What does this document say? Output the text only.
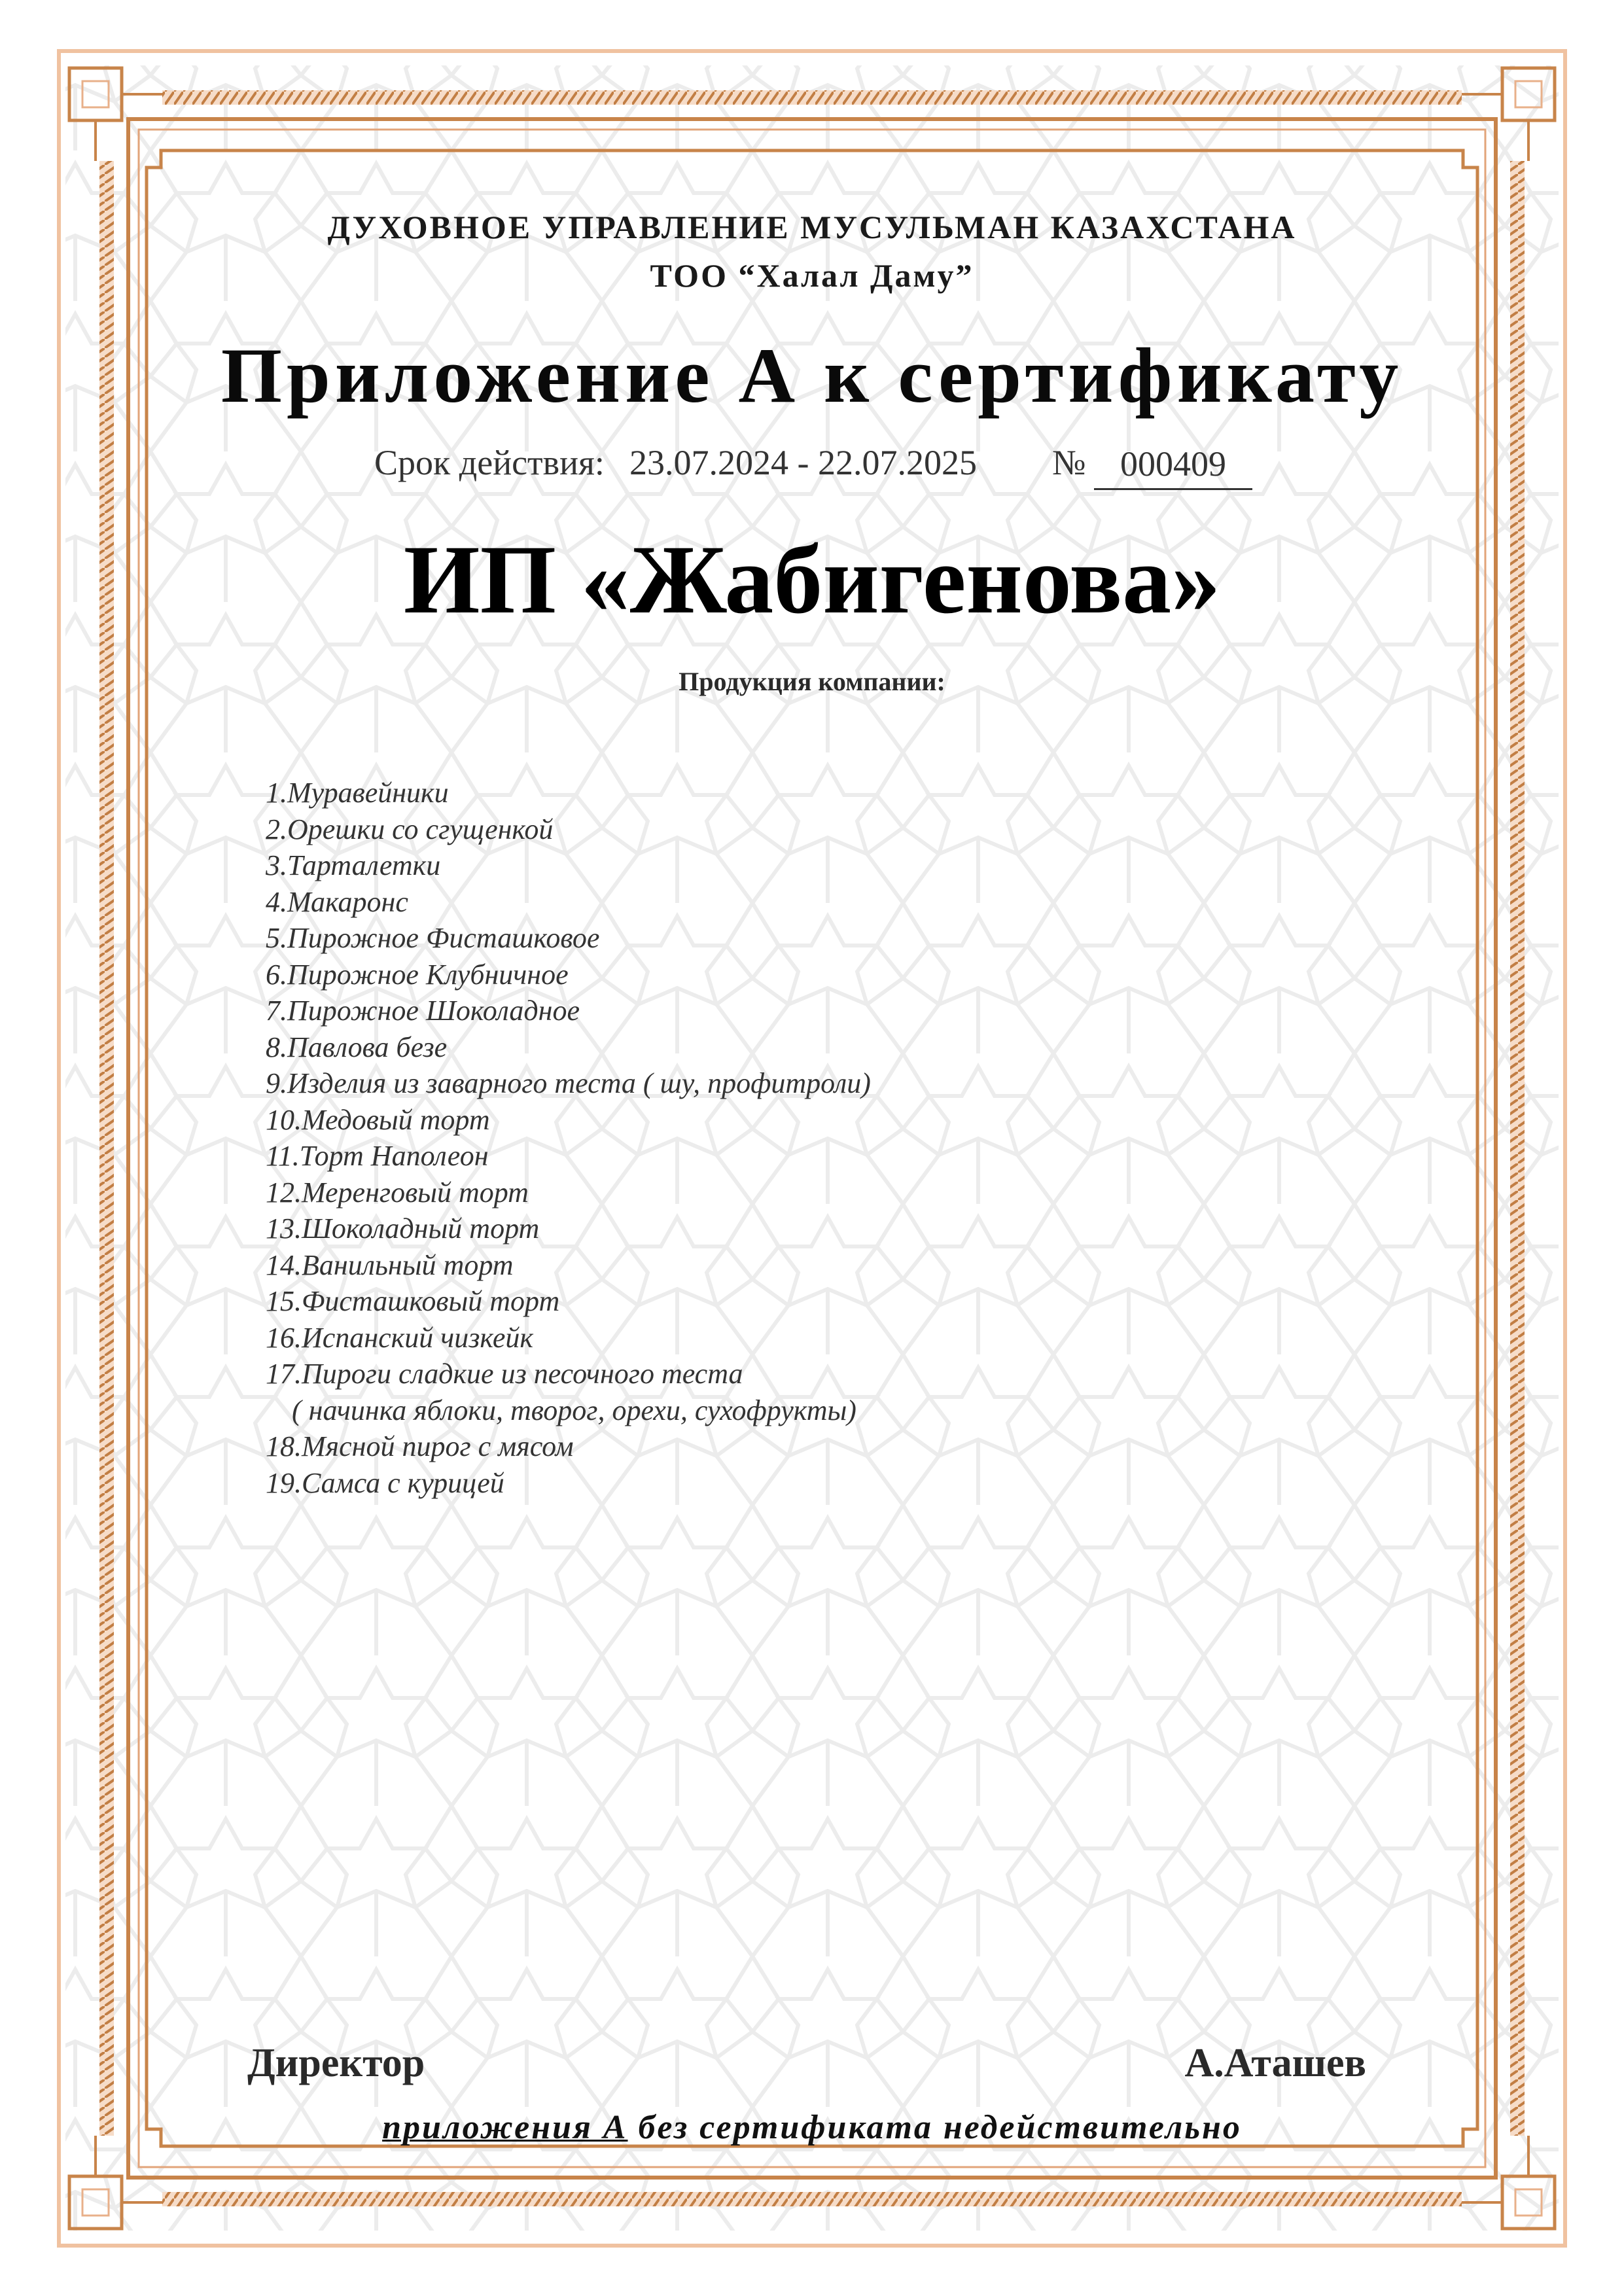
ДУХОВНОЕ УПРАВЛЕНИЕ МУСУЛЬМАН КАЗАХСТАНА
ТОО “Халал Даму”
Приложение А к сертификату
Срок действия: 23.07.2024 - 22.07.2025 № 000409
ИП «Жабигенова»
Продукция компании:
1.Муравейники
2.Орешки со сгущенкой
3.Тарталетки
4.Макаронс
5.Пирожное Фисташковое
6.Пирожное Клубничное
7.Пирожное Шоколадное
8.Павлова безе
9.Изделия из заварного теста ( шу, профитроли)
10.Медовый торт
11.Торт Наполеон
12.Меренговый торт
13.Шоколадный торт
14.Ванильный торт
15.Фисташковый торт
16.Испанский чизкейк
17.Пироги сладкие из песочного теста
( начинка яблоки, творог, орехи, сухофрукты)
18.Мясной пирог с мясом
19.Самса с курицей
Директор	А.Аташев
приложения А без сертификата недействительно
